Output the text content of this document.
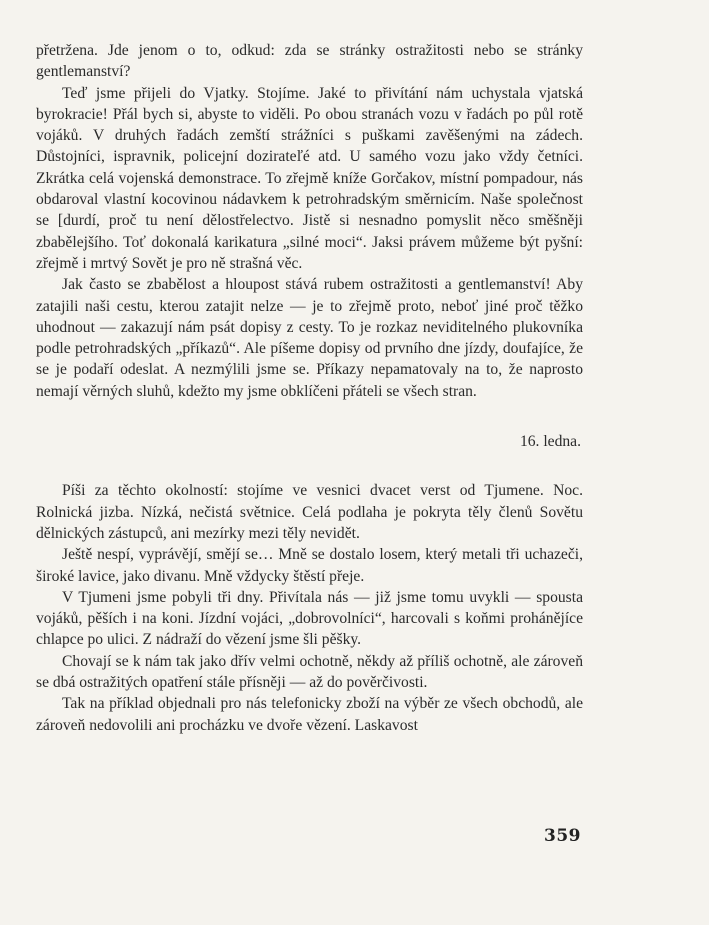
přetržena. Jde jenom o to, odkud: zda se stránky ostražitosti nebo se stránky gentlemanství?

Teď jsme přijeli do Vjatky. Stojíme. Jaké to přivítání nám uchystala vjatská byrokracie! Přál bych si, abyste to viděli. Po obou stranách vozu v řadách po půl rotě vojáků. V druhých řadách zemští strážníci s puškami zavěšenými na zádech. Důstojníci, ispravnik, policejní dozirateľé atd. U samého vozu jako vždy četníci. Zkrátka celá vojenská demonstrace. To zřejmě kníže Gorčakov, místní pompadour, nás obdaroval vlastní kocovinou nádavkem k petrohradským směrnicím. Naše společnost se [durdí, proč tu není dělostřelectvo. Jistě si nesnadno pomyslit něco směšněji zbabělejšího. Toť dokonalá karikatura „silné moci“. Jaksi právem můžeme být pyšní: zřejmě i mrtvý Sovět je pro ně strašná věc.

Jak často se zbabělost a hloupost stává rubem ostražitosti a gentlemanství! Aby zatajili naši cestu, kterou zatajit nelze — je to zřejmě proto, neboť jiné proč těžko uhodnout — zakazují nám psát dopisy z cesty. To je rozkaz neviditelného plukovníka podle petrohradských „příkazů“. Ale píšeme dopisy od prvního dne jízdy, doufajíce, že se je podaří odeslat. A nezmýlili jsme se. Příkazy nepamatovaly na to, že naprosto nemají věrných sluhů, kdežto my jsme obklíčeni přáteli se všech stran.

16. ledna.

Píši za těchto okolností: stojíme ve vesnici dvacet verst od Tjumene. Noc. Rolnická jizba. Nízká, nečistá světnice. Celá podlaha je pokryta těly členů Sovětu dělnických zástupců, ani mezírky mezi těly nevidět.

Ještě nespí, vyprávějí, smějí se… Mně se dostalo losem, který metali tři uchazeči, široké lavice, jako divanu. Mně vždycky štěstí přeje.

V Tjumeni jsme pobyli tři dny. Přivítala nás — již jsme tomu uvykli — spousta vojáků, pěších i na koni. Jízdní vojáci, „dobrovolníci“, harcovali s koňmi prohánějíce chlapce po ulici. Z nádraží do vězení jsme šli pěšky.

Chovají se k nám tak jako dřív velmi ochotně, někdy až příliš ochotně, ale zároveň se dbá ostražitých opatření stále přísněji — až do pověrčivosti.

Tak na příklad objednali pro nás telefonicky zboží na výběr ze všech obchodů, ale zároveň nedovolili ani procházku ve dvoře vězení. Laskavost

359
